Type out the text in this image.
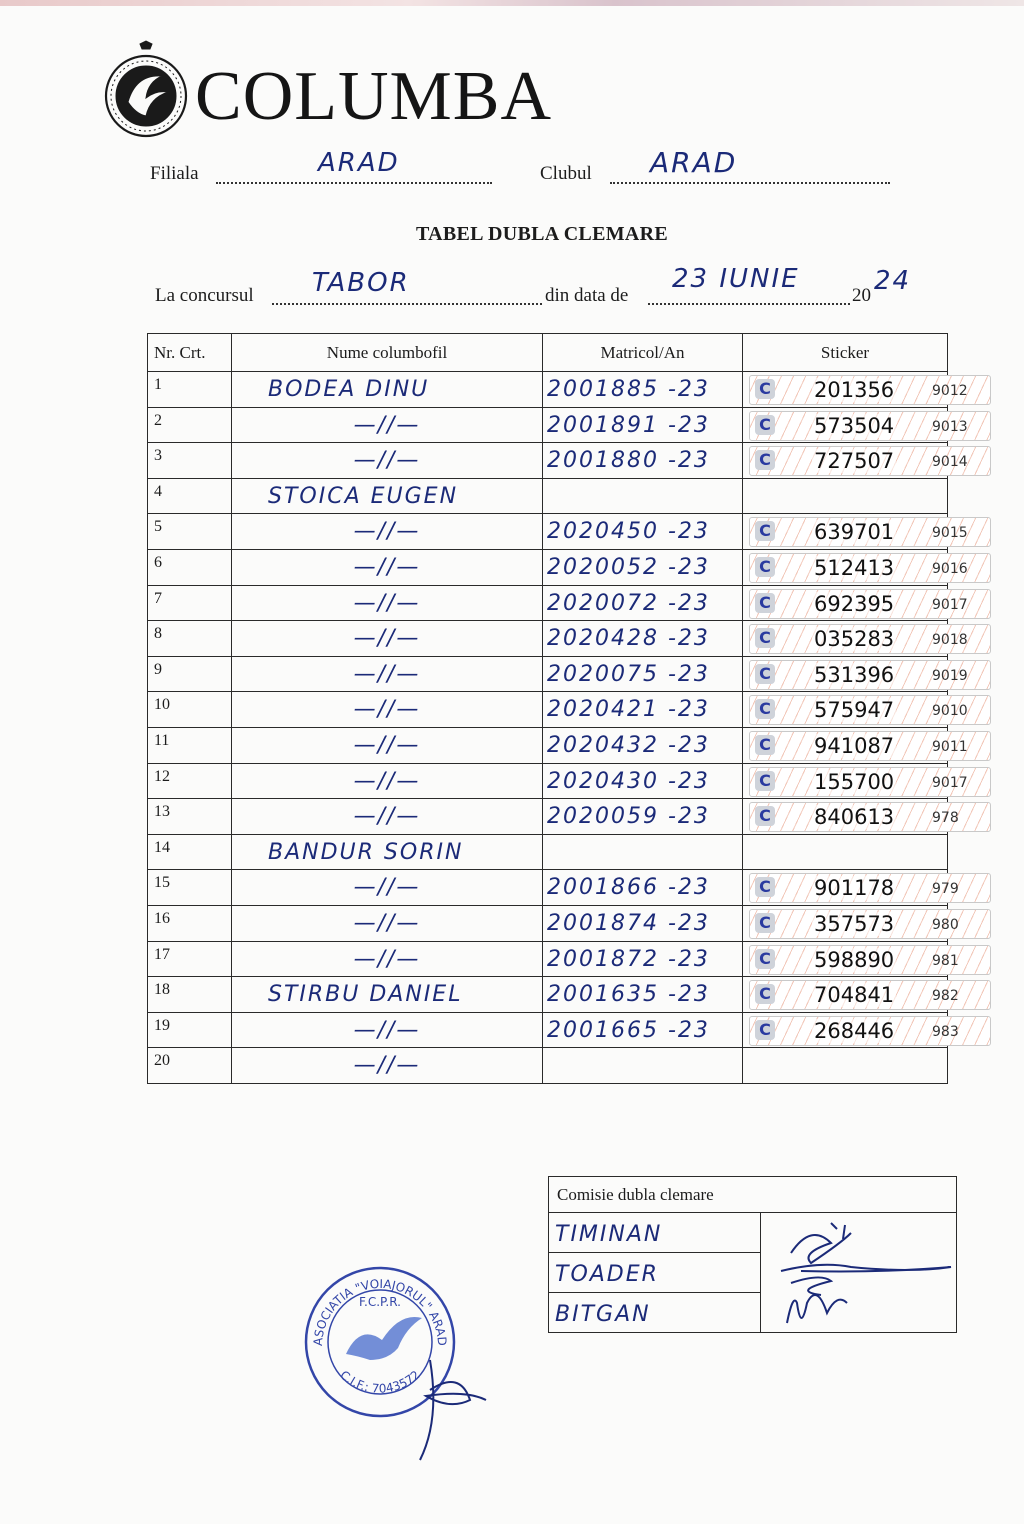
COLUMBA
Filiala	ARAD	Clubul ARAD
TABEL DUBLA CLEMARE
La concursul TABOR	din data de
23 IUNIE
20 24
Nr. Crt.	Nume columbofil	Matricol/An	Sticker
1	BODEA DINU	2001885 -23	C 201356 9012

2	—//—	2001891 -23	C 573504 9013

3	—//—	2001880 -23	C 727507 9014

4	STOICA EUGEN		

5	—//—	2020450 -23	C 639701 9015

6	—//—	2020052 -23	C 512413 9016

7	—//—	2020072 -23	C 692395 9017

8	—//—	2020428 -23	C 035283 9018

9	—//—	2020075 -23	C 531396 9019

10	—//—	2020421 -23	C 575947 9010

11	—//—	2020432 -23	C 941087 9011

12	—//—	2020430 -23	C 155700 9017

13	—//—	2020059 -23	C 840613 978

14	BANDUR SORIN		

15	—//—	2001866 -23	C 901178 979

16	—//—	2001874 -23	C 357573 980

17	—//—	2001872 -23	C 598890 981

18	STIRBU DANIEL	2001635 -23	C 704841 982

19	—//—	2001665 -23	C 268446 983

20	—//—		

Comisie dubla clemare

TIMINAN

TOADER

BITGAN
ASOCIATIA "VOIAJORUL" ARAD
F.C.P.R.
C.I.F.: 7043572
